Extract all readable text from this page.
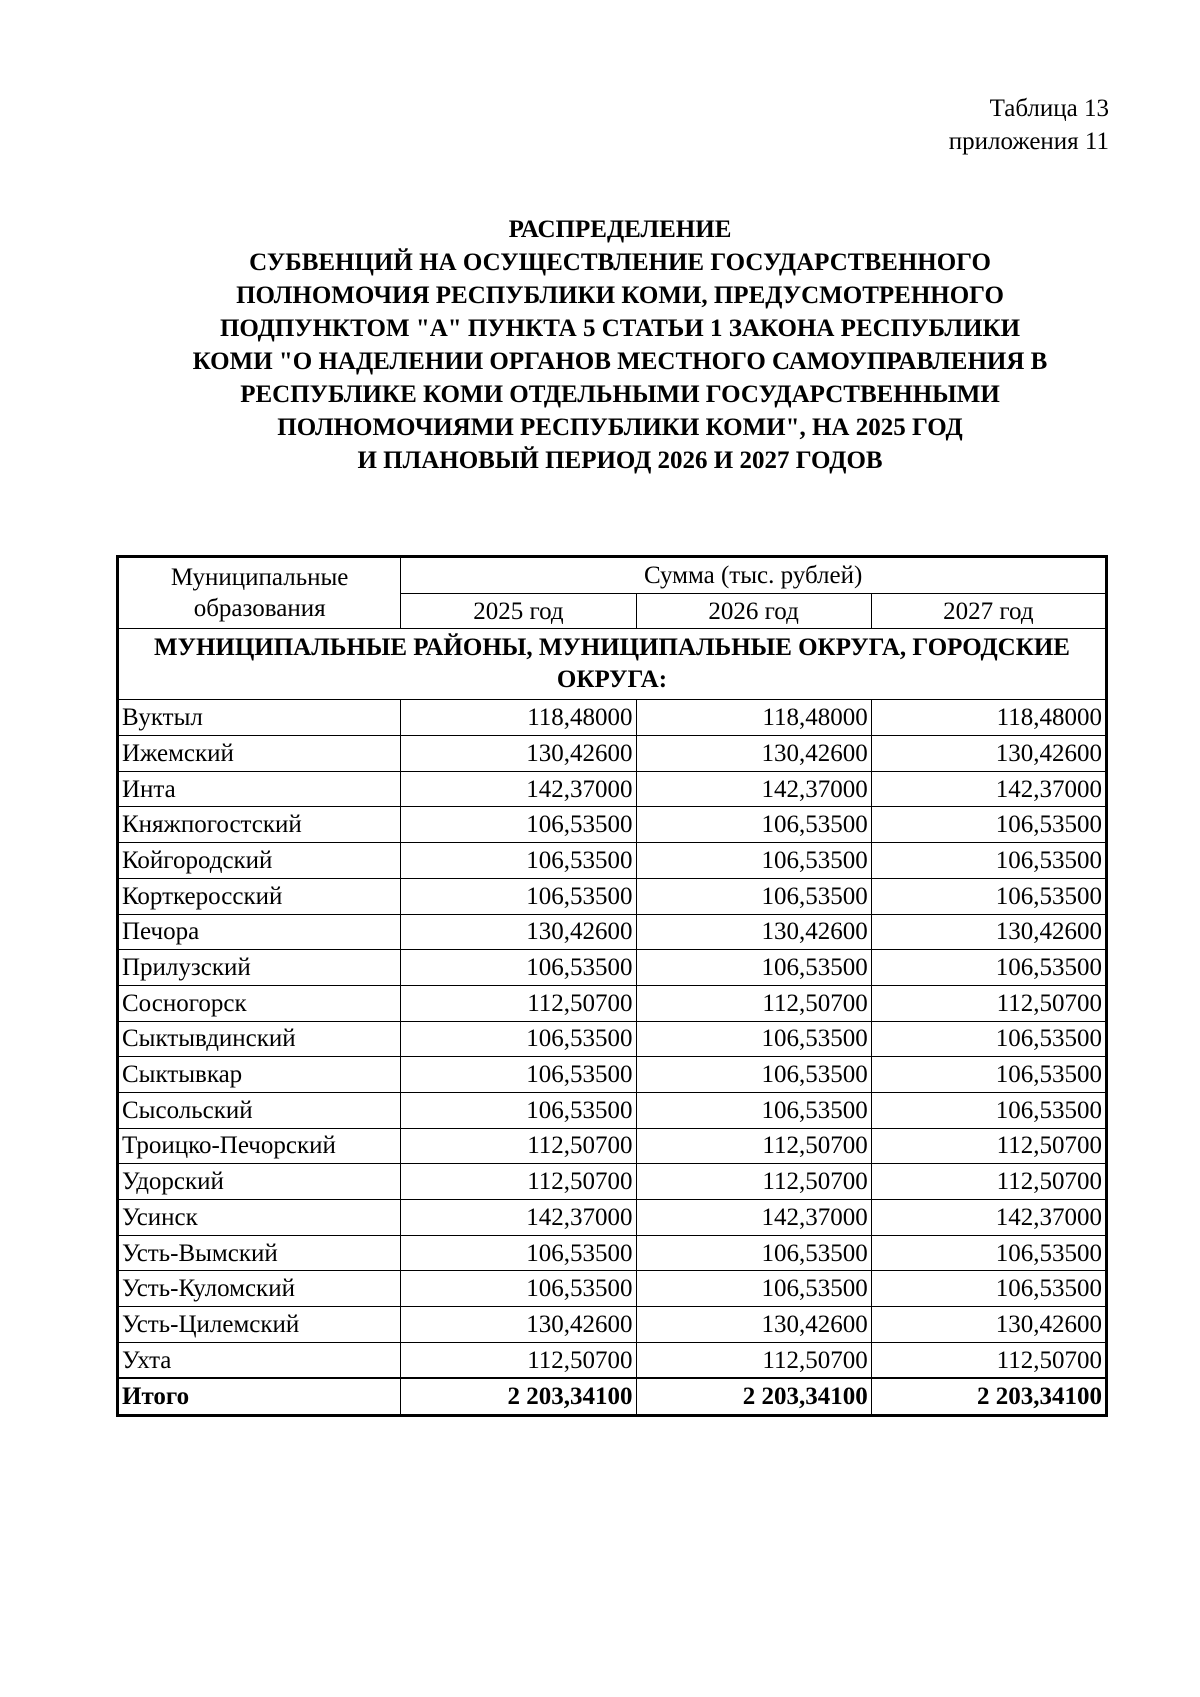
Таблица 13
приложения 11
РАСПРЕДЕЛЕНИЕ
СУБВЕНЦИЙ НА ОСУЩЕСТВЛЕНИЕ ГОСУДАРСТВЕННОГО
ПОЛНОМОЧИЯ РЕСПУБЛИКИ КОМИ, ПРЕДУСМОТРЕННОГО
ПОДПУНКТОМ "А" ПУНКТА 5 СТАТЬИ 1 ЗАКОНА РЕСПУБЛИКИ
КОМИ "О НАДЕЛЕНИИ ОРГАНОВ МЕСТНОГО САМОУПРАВЛЕНИЯ В
РЕСПУБЛИКЕ КОМИ ОТДЕЛЬНЫМИ ГОСУДАРСТВЕННЫМИ
ПОЛНОМОЧИЯМИ РЕСПУБЛИКИ КОМИ", НА 2025 ГОД
И ПЛАНОВЫЙ ПЕРИОД 2026 И 2027 ГОДОВ
Муниципальные образования	Сумма (тыс. рублей)		
	2025 год	2026 год	2027 год
МУНИЦИПАЛЬНЫЕ РАЙОНЫ, МУНИЦИПАЛЬНЫЕ ОКРУГА, ГОРОДСКИЕ ОКРУГА:			
Вуктыл	118,48000	118,48000	118,48000
Ижемский	130,42600	130,42600	130,42600
Инта	142,37000	142,37000	142,37000
Княжпогостский	106,53500	106,53500	106,53500
Койгородский	106,53500	106,53500	106,53500
Корткеросский	106,53500	106,53500	106,53500
Печора	130,42600	130,42600	130,42600
Прилузский	106,53500	106,53500	106,53500
Сосногорск	112,50700	112,50700	112,50700
Сыктывдинский	106,53500	106,53500	106,53500
Сыктывкар	106,53500	106,53500	106,53500
Сысольский	106,53500	106,53500	106,53500
Троицко-Печорский	112,50700	112,50700	112,50700
Удорский	112,50700	112,50700	112,50700
Усинск	142,37000	142,37000	142,37000
Усть-Вымский	106,53500	106,53500	106,53500
Усть-Куломский	106,53500	106,53500	106,53500
Усть-Цилемский	130,42600	130,42600	130,42600
Ухта	112,50700	112,50700	112,50700
Итого	2 203,34100	2 203,34100	2 203,34100
